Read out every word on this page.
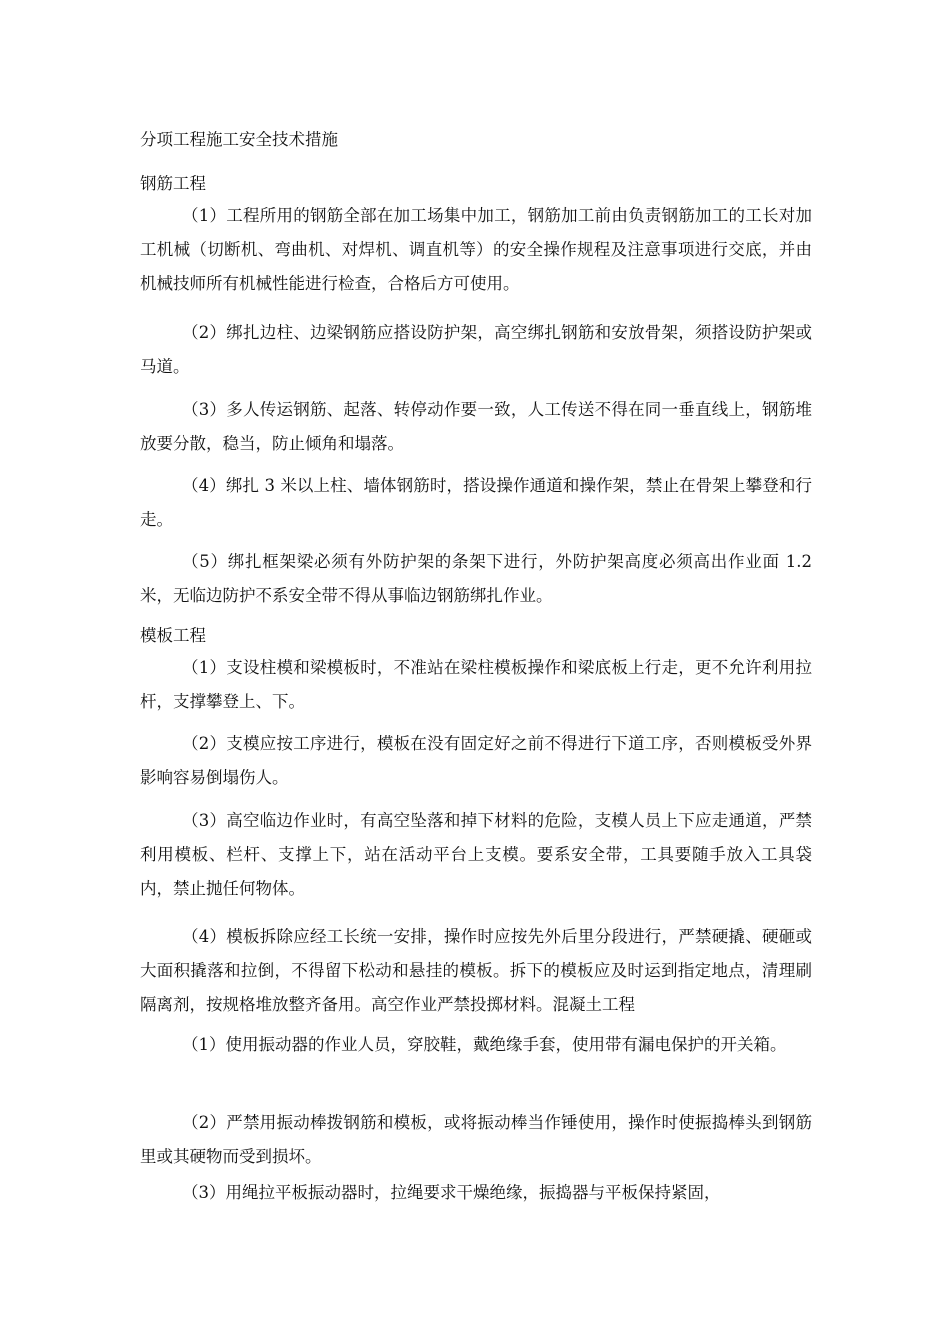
分项工程施工安全技术措施
钢筋工程
（1）工程所用的钢筋全部在加工场集中加工，钢筋加工前由负责钢筋加工的工长对加工机械（切断机、弯曲机、对焊机、调直机等）的安全操作规程及注意事项进行交底，并由机械技师所有机械性能进行检查，合格后方可使用。
（2）绑扎边柱、边梁钢筋应搭设防护架，高空绑扎钢筋和安放骨架，须搭设防护架或马道。
（3）多人传运钢筋、起落、转停动作要一致，人工传送不得在同一垂直线上，钢筋堆放要分散，稳当，防止倾角和塌落。
（4）绑扎 3 米以上柱、墙体钢筋时，搭设操作通道和操作架，禁止在骨架上攀登和行走。
（5）绑扎框架梁必须有外防护架的条架下进行，外防护架高度必须高出作业面 1.2 米，无临边防护不系安全带不得从事临边钢筋绑扎作业。
模板工程
（1）支设柱模和梁模板时，不准站在梁柱模板操作和梁底板上行走，更不允许利用拉杆，支撑攀登上、下。
（2）支模应按工序进行，模板在没有固定好之前不得进行下道工序，否则模板受外界影响容易倒塌伤人。
（3）高空临边作业时，有高空坠落和掉下材料的危险，支模人员上下应走通道，严禁利用模板、栏杆、支撑上下，站在活动平台上支模。要系安全带，工具要随手放入工具袋内，禁止抛任何物体。
（4）模板拆除应经工长统一安排，操作时应按先外后里分段进行，严禁硬撬、硬砸或大面积撬落和拉倒，不得留下松动和悬挂的模板。拆下的模板应及时运到指定地点，清理刷隔离剂，按规格堆放整齐备用。高空作业严禁投掷材料。混凝土工程
（1）使用振动器的作业人员，穿胶鞋，戴绝缘手套，使用带有漏电保护的开关箱。
（2）严禁用振动棒拨钢筋和模板，或将振动棒当作锤使用，操作时使振捣棒头到钢筋里或其硬物而受到损坏。
（3）用绳拉平板振动器时，拉绳要求干燥绝缘，振捣器与平板保持紧固，
